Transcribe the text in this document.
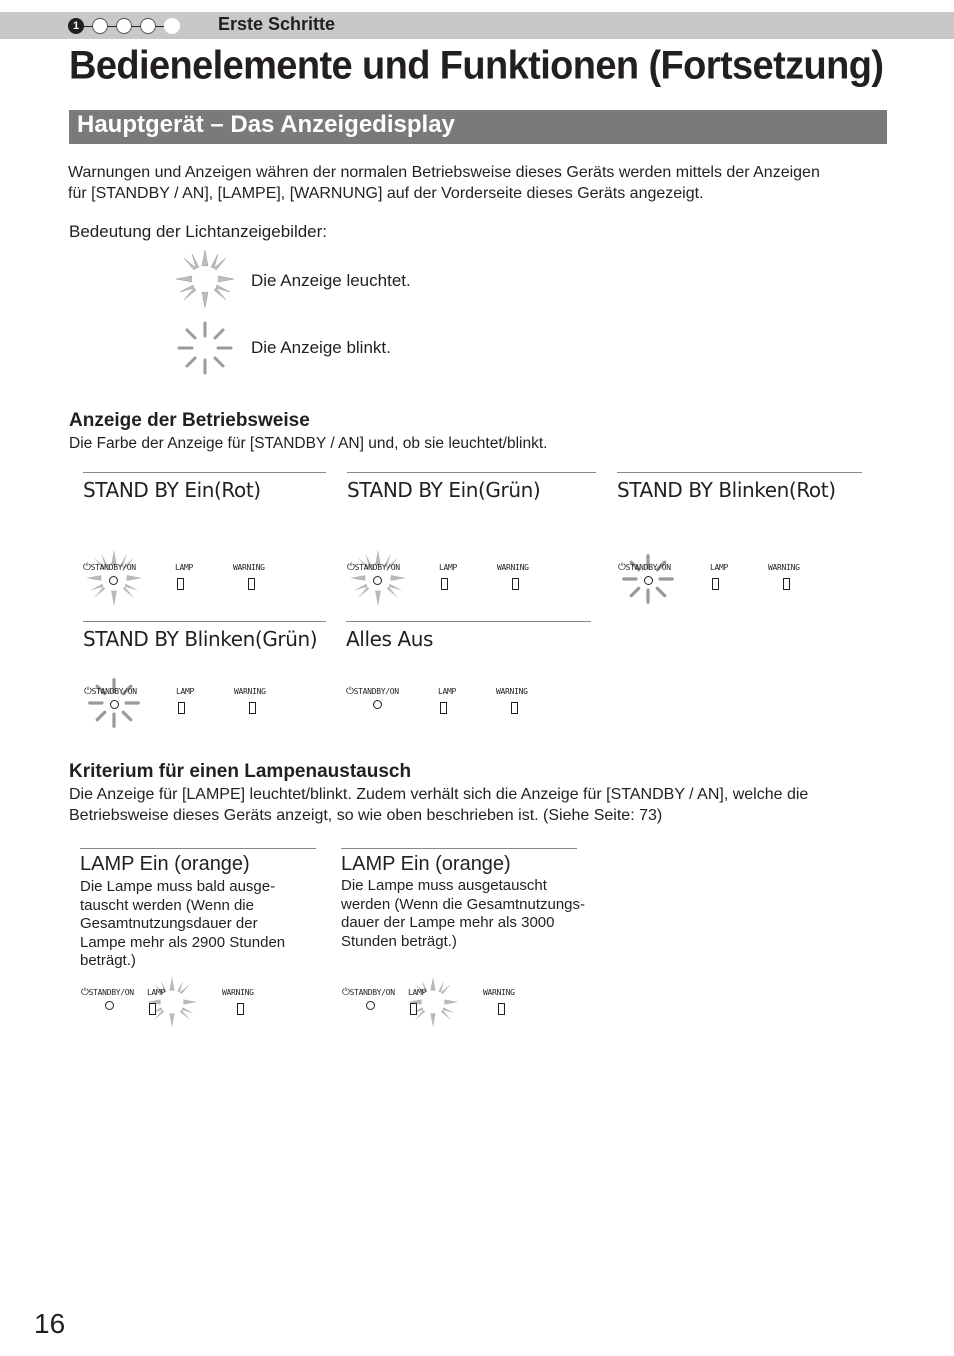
1	Erste Schritte
Bedienelemente und Funktionen (Fortsetzung)
Hauptgerät – Das Anzeigedisplay
Warnungen und Anzeigen währen der normalen Betriebsweise dieses Geräts werden mittels der Anzeigen
für [STANDBY / AN], [LAMPE], [WARNUNG] auf der Vorderseite dieses Geräts angezeigt.
Bedeutung der Lichtanzeigebilder:
Die Anzeige leuchtet.
Die Anzeige blinkt.
Anzeige der Betriebsweise
Die Farbe der Anzeige für [STANDBY / AN] und, ob sie leuchtet/blinkt.
STAND BY Ein(Rot)	STAND BY Ein(Grün)	STAND BY Blinken(Rot)
STAND BY Blinken(Grün) Alles Aus
⏻STANDBY/ON	LAMP	WARNING	⏻STANDBY/ON	LAMP	WARNING	⏻STANDBY/ON	LAMP	WARNING
⏻STANDBY/ON	LAMP	WARNING	⏻STANDBY/ON	LAMP	WARNING
⏻STANDBY/ON LAMP	WARNING	⏻STANDBY/ON LAMP	WARNING
Kriterium für einen Lampenaustausch
Die Anzeige für [LAMPE] leuchtet/blinkt. Zudem verhält sich die Anzeige für [STANDBY / AN], welche die
Betriebsweise dieses Geräts anzeigt, so wie oben beschrieben ist. (Siehe Seite: 73)
LAMP Ein (orange)	LAMP Ein (orange)
Die Lampe muss bald ausge-
tauscht werden (Wenn die
Gesamtnutzungsdauer der
Lampe mehr als 2900 Stunden
beträgt.)
Die Lampe muss ausgetauscht
werden (Wenn die Gesamtnutzungs-
dauer der Lampe mehr als 3000
Stunden beträgt.)
16
